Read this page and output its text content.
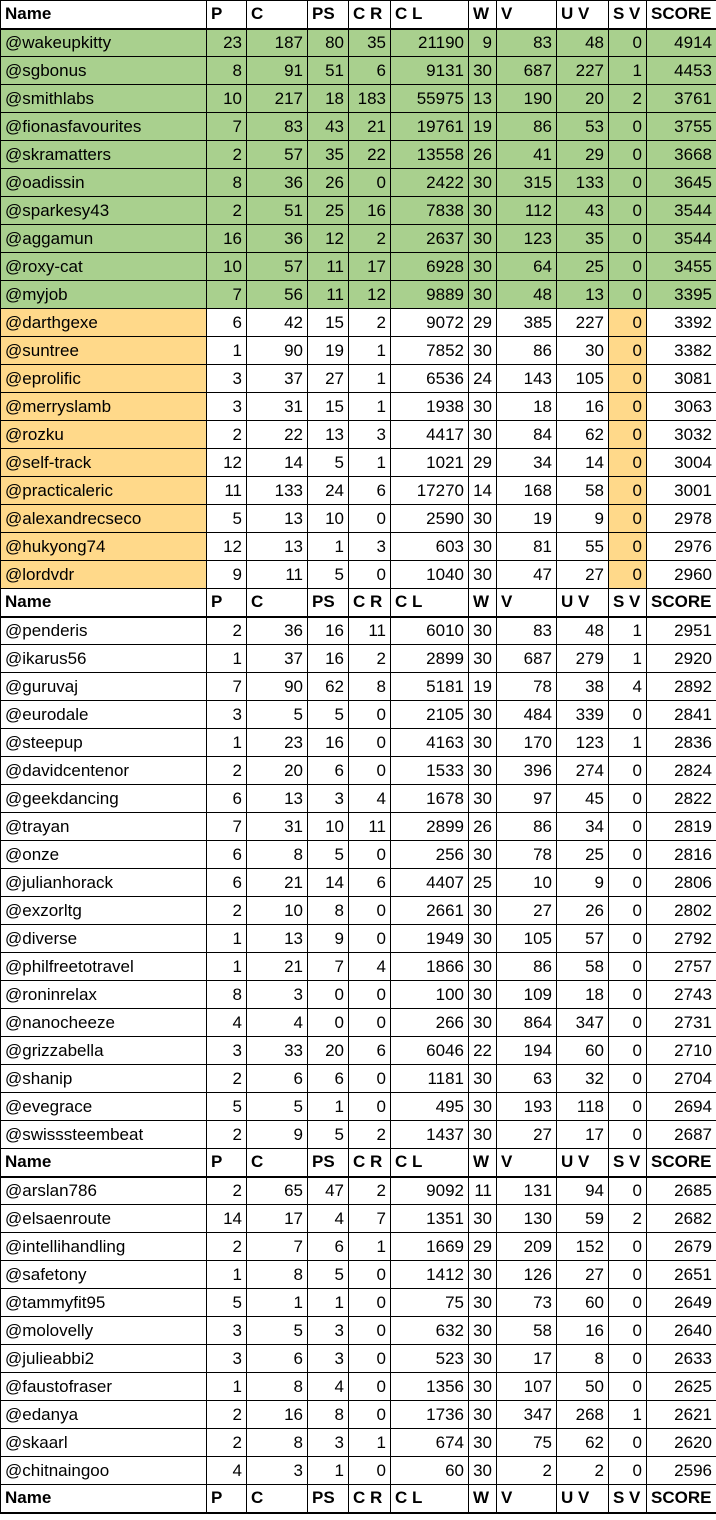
Name	P	C	PS	C R	C L	W	V	U V	S V	SCORE
@wakeupkitty	23	187	80	35	21190	9	83	48	0	4914
@sgbonus	8	91	51	6	9131	30	687	227	1	4453
@smithlabs	10	217	18	183	55975	13	190	20	2	3761
@fionasfavourites	7	83	43	21	19761	19	86	53	0	3755
@skramatters	2	57	35	22	13558	26	41	29	0	3668
@oadissin	8	36	26	0	2422	30	315	133	0	3645
@sparkesy43	2	51	25	16	7838	30	112	43	0	3544
@aggamun	16	36	12	2	2637	30	123	35	0	3544
@roxy-cat	10	57	11	17	6928	30	64	25	0	3455
@myjob	7	56	11	12	9889	30	48	13	0	3395
@darthgexe	6	42	15	2	9072	29	385	227	0	3392
@suntree	1	90	19	1	7852	30	86	30	0	3382
@eprolific	3	37	27	1	6536	24	143	105	0	3081
@merryslamb	3	31	15	1	1938	30	18	16	0	3063
@rozku	2	22	13	3	4417	30	84	62	0	3032
@self-track	12	14	5	1	1021	29	34	14	0	3004
@practicaleric	11	133	24	6	17270	14	168	58	0	3001
@alexandrecseco	5	13	10	0	2590	30	19	9	0	2978
@hukyong74	12	13	1	3	603	30	81	55	0	2976
@lordvdr	9	11	5	0	1040	30	47	27	0	2960
Name	P	C	PS	C R	C L	W	V	U V	S V	SCORE
@penderis	2	36	16	11	6010	30	83	48	1	2951
@ikarus56	1	37	16	2	2899	30	687	279	1	2920
@guruvaj	7	90	62	8	5181	19	78	38	4	2892
@eurodale	3	5	5	0	2105	30	484	339	0	2841
@steepup	1	23	16	0	4163	30	170	123	1	2836
@davidcentenor	2	20	6	0	1533	30	396	274	0	2824
@geekdancing	6	13	3	4	1678	30	97	45	0	2822
@trayan	7	31	10	11	2899	26	86	34	0	2819
@onze	6	8	5	0	256	30	78	25	0	2816
@julianhorack	6	21	14	6	4407	25	10	9	0	2806
@exzorltg	2	10	8	0	2661	30	27	26	0	2802
@diverse	1	13	9	0	1949	30	105	57	0	2792
@philfreetotravel	1	21	7	4	1866	30	86	58	0	2757
@roninrelax	8	3	0	0	100	30	109	18	0	2743
@nanocheeze	4	4	0	0	266	30	864	347	0	2731
@grizzabella	3	33	20	6	6046	22	194	60	0	2710
@shanip	2	6	6	0	1181	30	63	32	0	2704
@evegrace	5	5	1	0	495	30	193	118	0	2694
@swisssteembeat	2	9	5	2	1437	30	27	17	0	2687
Name	P	C	PS	C R	C L	W	V	U V	S V	SCORE
@arslan786	2	65	47	2	9092	11	131	94	0	2685
@elsaenroute	14	17	4	7	1351	30	130	59	2	2682
@intellihandling	2	7	6	1	1669	29	209	152	0	2679
@safetony	1	8	5	0	1412	30	126	27	0	2651
@tammyfit95	5	1	1	0	75	30	73	60	0	2649
@molovelly	3	5	3	0	632	30	58	16	0	2640
@julieabbi2	3	6	3	0	523	30	17	8	0	2633
@faustofraser	1	8	4	0	1356	30	107	50	0	2625
@edanya	2	16	8	0	1736	30	347	268	1	2621
@skaarl	2	8	3	1	674	30	75	62	0	2620
@chitnaingoo	4	3	1	0	60	30	2	2	0	2596
Name	P	C	PS	C R	C L	W	V	U V	S V	SCORE
